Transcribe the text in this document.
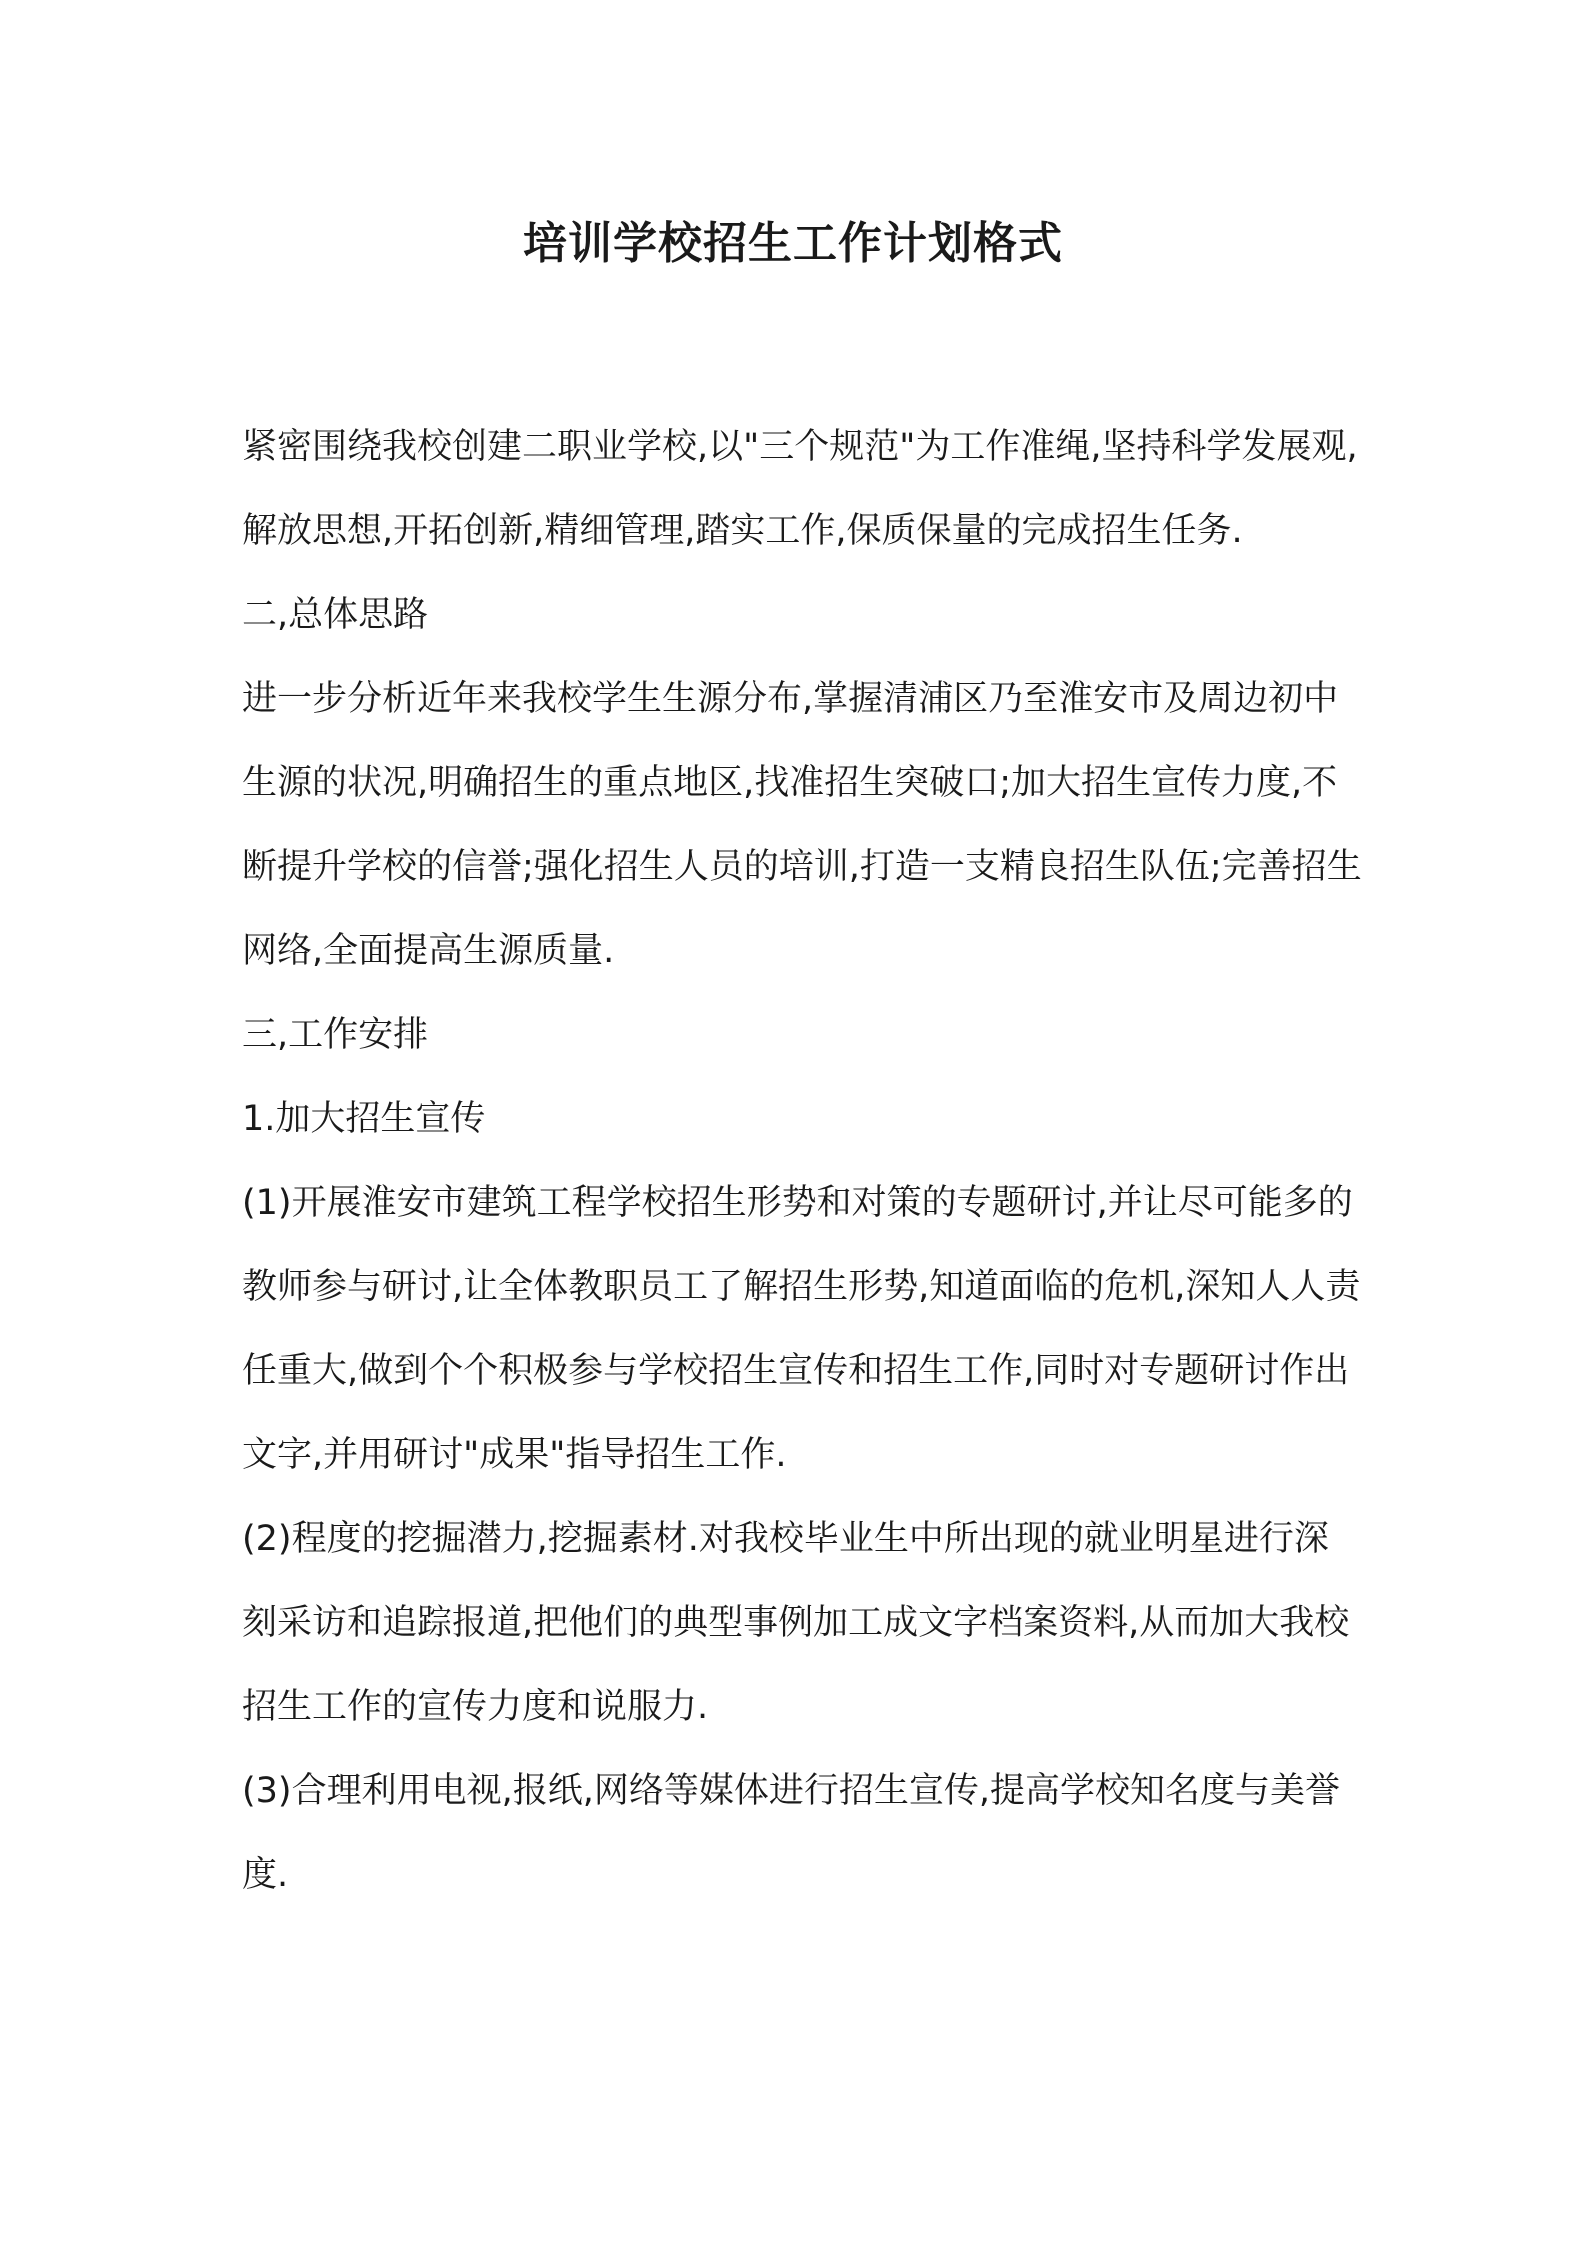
培训学校招生工作计划格式

紧密围绕我校创建二职业学校,以"三个规范"为工作准绳,坚持科学发展观,解放思想,开拓创新,精细管理,踏实工作,保质保量的完成招生任务.

二,总体思路

进一步分析近年来我校学生生源分布,掌握清浦区乃至淮安市及周边初中生源的状况,明确招生的重点地区,找准招生突破口;加大招生宣传力度,不断提升学校的信誉;强化招生人员的培训,打造一支精良招生队伍;完善招生网络,全面提高生源质量.

三,工作安排

1.加大招生宣传

(1)开展淮安市建筑工程学校招生形势和对策的专题研讨,并让尽可能多的教师参与研讨,让全体教职员工了解招生形势,知道面临的危机,深知人人责任重大,做到个个积极参与学校招生宣传和招生工作,同时对专题研讨作出文字,并用研讨"成果"指导招生工作.

(2)程度的挖掘潜力,挖掘素材.对我校毕业生中所出现的就业明星进行深刻采访和追踪报道,把他们的典型事例加工成文字档案资料,从而加大我校招生工作的宣传力度和说服力.

(3)合理利用电视,报纸,网络等媒体进行招生宣传,提高学校知名度与美誉度.
